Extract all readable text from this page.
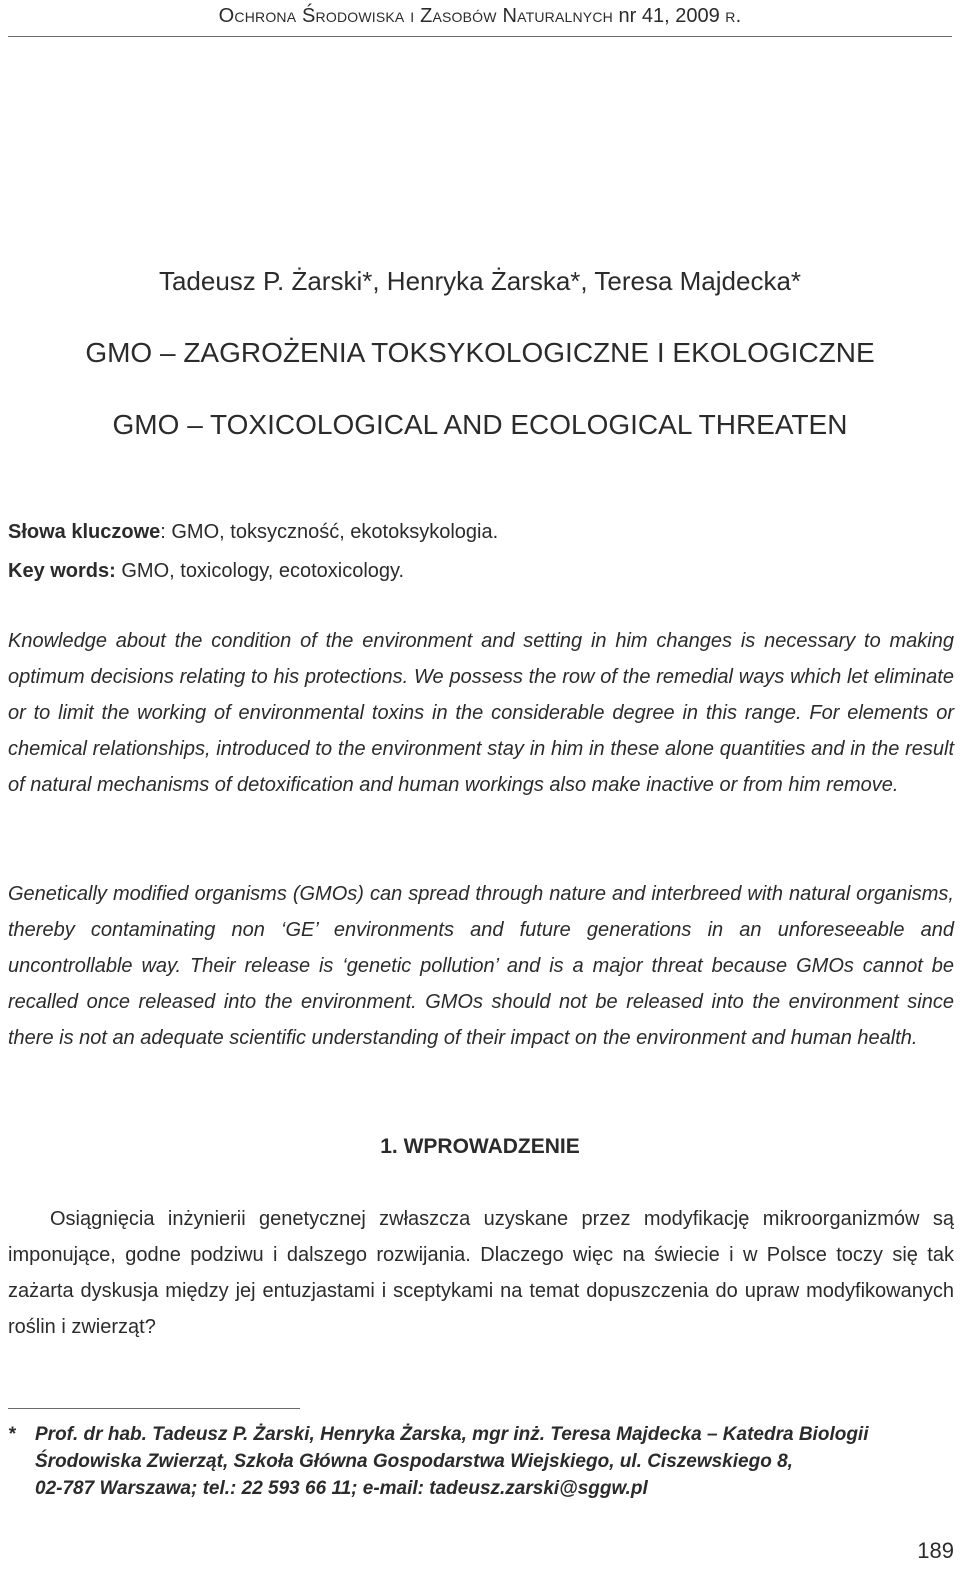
Ochrona Środowiska i Zasobów Naturalnych nr 41, 2009 r.
Tadeusz P. Żarski*, Henryka Żarska*, Teresa Majdecka*
GMO – ZAGROŻENIA TOKSYKOLOGICZNE I EKOLOGICZNE
GMO – TOXICOLOGICAL AND ECOLOGICAL THREATEN
Słowa kluczowe: GMO, toksyczność, ekotoksykologia.
Key words: GMO, toxicology, ecotoxicology.

Knowledge about the condition of the environment and setting in him changes is necessary to making optimum decisions relating to his protections. We possess the row of the remedial ways which let eliminate or to limit the working of environmental toxins in the considerable degree in this range. For elements or chemical relationships, introduced to the environment stay in him in these alone quantities and in the result of natural mechanisms of detoxification and human workings also make inactive or from him remove.

Genetically modified organisms (GMOs) can spread through nature and interbreed with natural organisms, thereby contaminating non ‘GE’ environments and future generations in an unforeseeable and uncontrollable way. Their release is ‘genetic pollution’ and is a major threat because GMOs cannot be recalled once released into the environment. GMOs should not be released into the environment since there is not an adequate scientific understanding of their impact on the environment and human health.

1. WPROWADZENIE

Osiągnięcia inżynierii genetycznej zwłaszcza uzyskane przez modyfikację mikroorganizmów są imponujące, godne podziwu i dalszego rozwijania. Dlaczego więc na świecie i w Polsce toczy się tak zażarta dyskusja między jej entuzjastami i sceptykami na temat dopuszczenia do upraw modyfikowanych roślin i zwierząt?

* Prof. dr hab. Tadeusz P. Żarski, Henryka Żarska, mgr inż. Teresa Majdecka – Katedra Biologii
Środowiska Zwierząt, Szkoła Główna Gospodarstwa Wiejskiego, ul. Ciszewskiego 8,
02-787 Warszawa; tel.: 22 593 66 11; e-mail: tadeusz.zarski@sggw.pl
189
